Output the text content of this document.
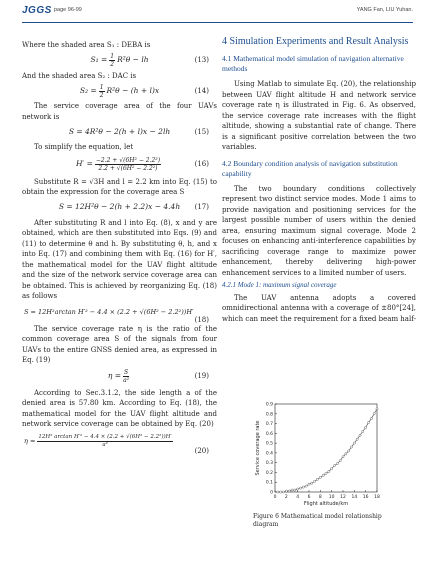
JGGS page 96-99	YANG Fan, LIU Yuhan.

Where the shaded area S₁ : DEBA is

$S_1 = \frac{1}{2} R^2\theta$ − lh	(13)

And the shaded area S₂ : DAC is

$S_2 = \frac{1}{2} R^2\theta - (h + l)x$	(14)

The service coverage area of the four UAVs network is

S = 4R²θ − 2(h + l)x − 2lh	(15)

To simplify the equation, let

$H' = \frac{\text{−2.2 + √(6H² − 2.2²)}}{\text{2.2 + √(6H² − 2.2²)}}$	(16)

Substitute R = √3H and l = 2.2 km into Eq. (15) to obtain the expression for the coverage area S

S = 12H²θ − 2(h + 2.2)x − 4.4h (17)

After substituting R and l into Eq. (8), x and y are obtained, which are then substituted into Eqs. (9) and (11) to determine θ and h. By substituting θ, h, and x into Eq. (17) and combining them with Eq. (16) for H′, the mathematical model for the UAV flight altitude and the size of the network service coverage area can be obtained. This is achieved by reorganizing Eq. (18) as follows

S = 12H²arctan H′² − 4.4 × (2.2 + √(6H² − 2.2²))H′
(18)

The service coverage rate η is the ratio of the common coverage area S of the signals from four UAVs to the entire GNSS denied area, as expressed in Eq. (19)

$\eta = \frac{S}{\text{a²}}$	(19)

According to Sec.3.1.2, the side length a of the denied area is 57.80 km. According to Eq. (18), the mathematical model for the UAV flight altitude and network service coverage can be obtained by Eq. (20)

$\eta = \frac{\text{12H² arctan H′² − 4.4 × (2.2 + √(6H² − 2.2²))H′}}{\text{a²}}$
(20)
4 Simulation Experiments and Result Analysis
4.1 Mathematical model simulation of navigation alternative methods

Using Matlab to simulate Eq. (20), the relationship between UAV flight altitude H and network service coverage rate η is illustrated in Fig. 6. As observed, the service coverage rate increases with the flight altitude, showing a substantial rate of change. There is a significant positive correlation between the two variables.

4.2 Boundary condition analysis of navigation substitution capability

The two boundary conditions collectively represent two distinct service modes. Mode 1 aims to provide navigation and positioning services for the largest possible number of users within the denied area, ensuring maximum signal coverage. Mode 2 focuses on enhancing anti-interference capabilities by sacrificing coverage range to maximize power enhancement, thereby delivering high-power enhancement services to a limited number of users.

4.2.1 Mode 1: maximum signal coverage

The UAV antenna adopts a covered omnidirectional antenna with a coverage of ±80°[24], which can meet the requirement for a fixed beam half-

0 2 4 6 8 10 12 14 16 18
0
0.1
0.2
0.3
0.4
0.5
0.6
0.7
0.8
0.9
Flight altitude/km
Service coverage rate
Figure 6 Mathematical model relationship diagram
